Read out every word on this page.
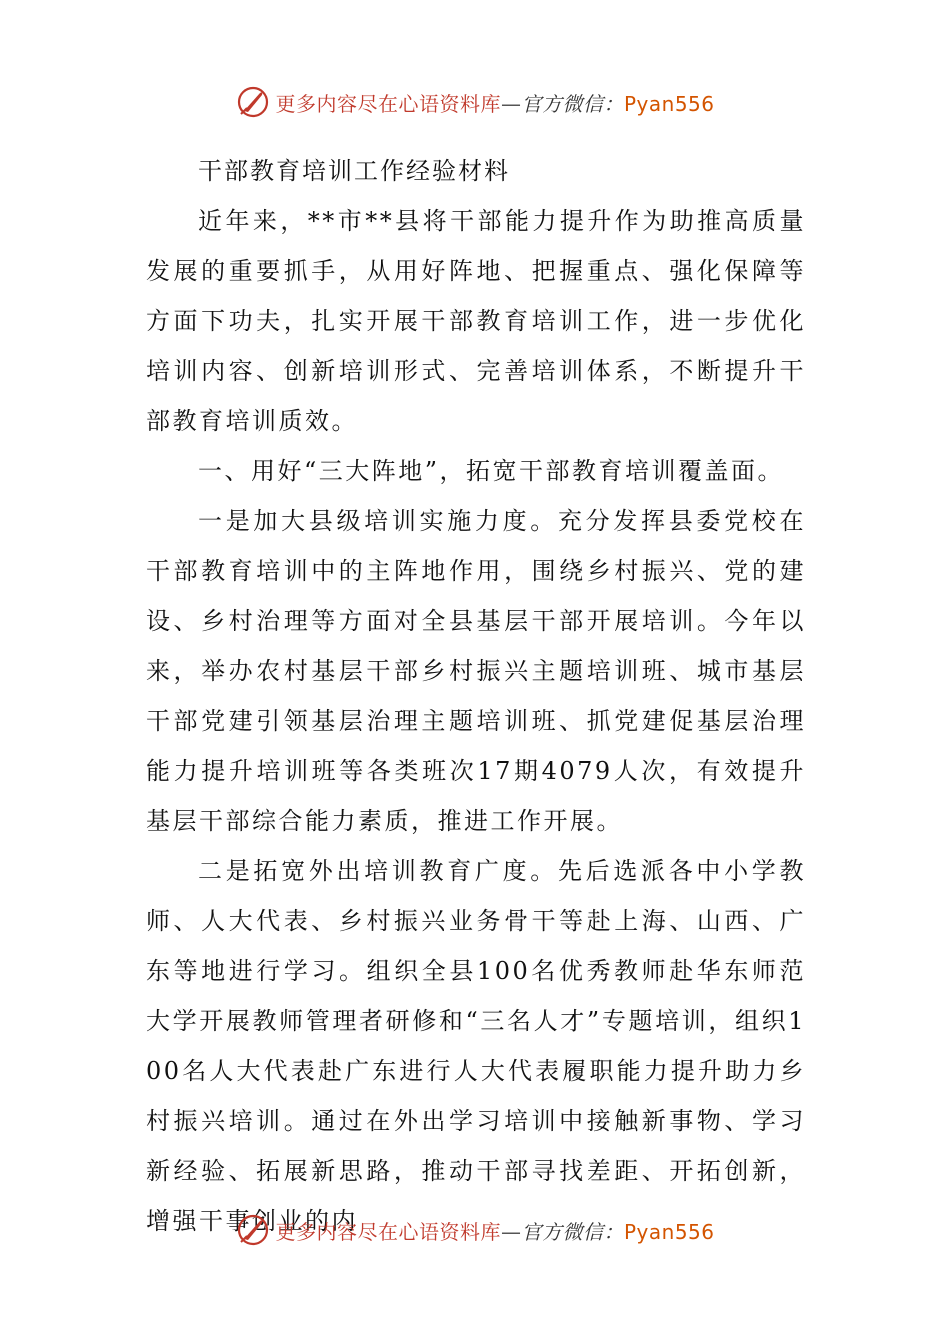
更多内容尽在心语资料库—官方微信：Pyan556
干部教育培训工作经验材料

近年来，**市**县将干部能力提升作为助推高质量发展的重要抓手，从用好阵地、把握重点、强化保障等方面下功夫，扎实开展干部教育培训工作，进一步优化培训内容、创新培训形式、完善培训体系，不断提升干部教育培训质效。

一、用好“三大阵地”，拓宽干部教育培训覆盖面。

一是加大县级培训实施力度。充分发挥县委党校在干部教育培训中的主阵地作用，围绕乡村振兴、党的建设、乡村治理等方面对全县基层干部开展培训。今年以来，举办农村基层干部乡村振兴主题培训班、城市基层干部党建引领基层治理主题培训班、抓党建促基层治理能力提升培训班等各类班次17期4079人次，有效提升基层干部综合能力素质，推进工作开展。

二是拓宽外出培训教育广度。先后选派各中小学教师、人大代表、乡村振兴业务骨干等赴上海、山西、广东等地进行学习。组织全县100名优秀教师赴华东师范大学开展教师管理者研修和“三名人才”专题培训，组织100名人大代表赴广东进行人大代表履职能力提升助力乡村振兴培训。通过在外出学习培训中接触新事物、学习新经验、拓展新思路，推动干部寻找差距、开拓创新，增强干事创业的内

更多内容尽在心语资料库—官方微信：Pyan556
